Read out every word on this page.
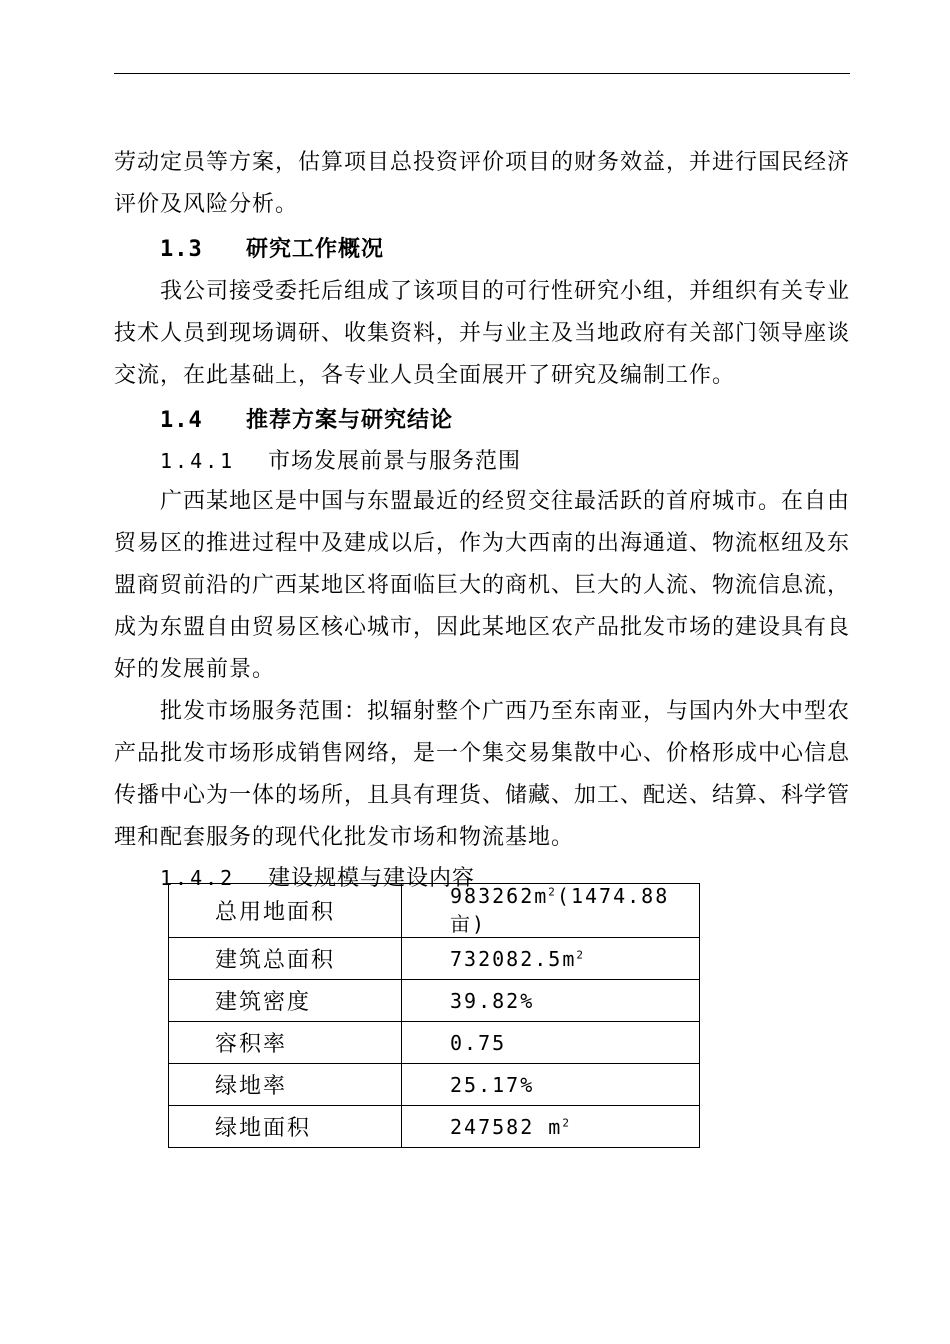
劳动定员等方案，估算项目总投资评价项目的财务效益，并进行国民经济评价及风险分析。

1.3 研究工作概况

我公司接受委托后组成了该项目的可行性研究小组，并组织有关专业技术人员到现场调研、收集资料，并与业主及当地政府有关部门领导座谈交流，在此基础上，各专业人员全面展开了研究及编制工作。

1.4 推荐方案与研究结论
1.4.1 市场发展前景与服务范围

广西某地区是中国与东盟最近的经贸交往最活跃的首府城市。在自由贸易区的推进过程中及建成以后，作为大西南的出海通道、物流枢纽及东盟商贸前沿的广西某地区将面临巨大的商机、巨大的人流、物流信息流，成为东盟自由贸易区核心城市，因此某地区农产品批发市场的建设具有良好的发展前景。

批发市场服务范围：拟辐射整个广西乃至东南亚，与国内外大中型农产品批发市场形成销售网络，是一个集交易集散中心、价格形成中心信息传播中心为一体的场所，且具有理货、储藏、加工、配送、结算、科学管理和配套服务的现代化批发市场和物流基地。

1.4.2 建设规模与建设内容
总用地面积	$983262m^2(1474.88$亩)
建筑总面积	$732082.5m^2$
建筑密度	39.82%
容积率	0.75
绿地率	25.17%
绿地面积	247582 $m^2$
